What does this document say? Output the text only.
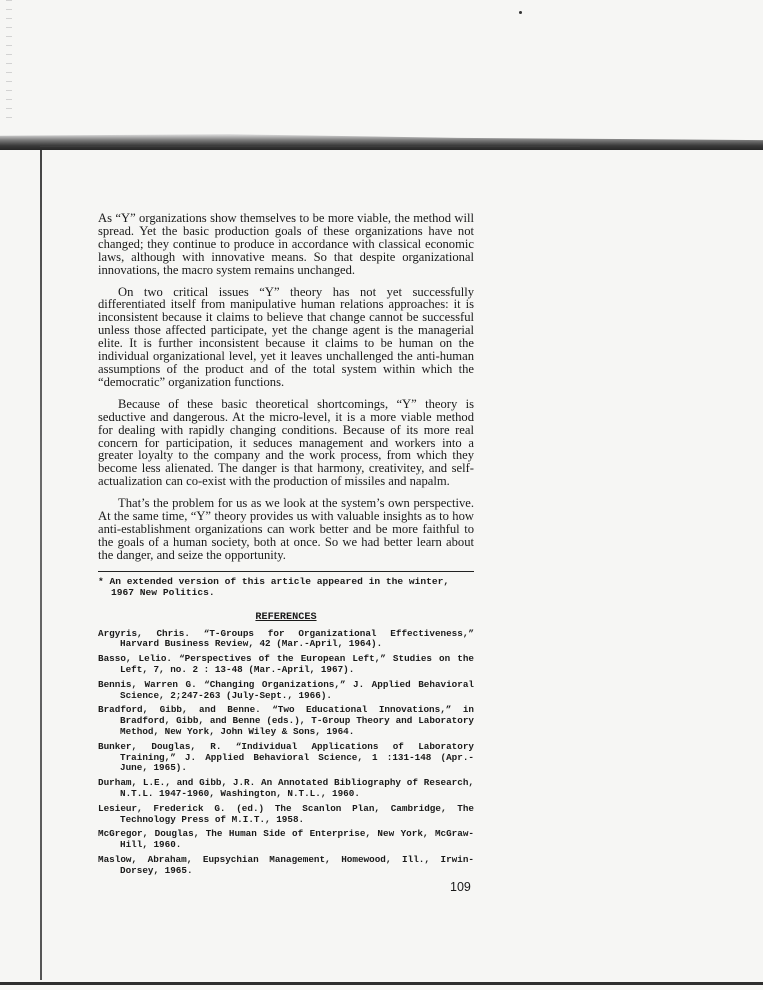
As “Y” organizations show themselves to be more viable, the method will spread. Yet the basic production goals of these organizations have not changed; they continue to produce in accordance with classical economic laws, although with innovative means. So that despite organizational innovations, the macro system remains unchanged.

On two critical issues “Y” theory has not yet successfully differentiated itself from manipulative human relations approaches: it is inconsistent because it claims to believe that change cannot be successful unless those affected participate, yet the change agent is the managerial elite. It is further inconsistent because it claims to be human on the individual organizational level, yet it leaves unchallenged the anti-human assumptions of the product and of the total system within which the “democratic” organization functions.

Because of these basic theoretical shortcomings, “Y” theory is seductive and dangerous. At the micro-level, it is a more viable method for dealing with rapidly changing conditions. Because of its more real concern for participation, it seduces management and workers into a greater loyalty to the company and the work process, from which they become less alienated. The danger is that harmony, creativitey, and self-actualization can co-exist with the production of missiles and napalm.

That’s the problem for us as we look at the system’s own perspective. At the same time, “Y” theory provides us with valuable insights as to how anti-establishment organizations can work better and be more faithful to the goals of a human society, both at once. So we had better learn about the danger, and seize the opportunity.

* An extended version of this article appeared in the winter, 1967 New Politics.

REFERENCES
Argyris, Chris. “T-Groups for Organizational Effectiveness,” Harvard Business Review, 42 (Mar.-April, 1964).
Basso, Lelio. “Perspectives of the European Left,” Studies on the Left, 7, no. 2 : 13-48 (Mar.-April, 1967).
Bennis, Warren G. “Changing Organizations,” J. Applied Behavioral Science, 2;247-263 (July-Sept., 1966).
Bradford, Gibb, and Benne. “Two Educational Innovations,” in Bradford, Gibb, and Benne (eds.), T-Group Theory and Laboratory Method, New York, John Wiley & Sons, 1964.
Bunker, Douglas, R. “Individual Applications of Laboratory Training,” J. Applied Behavioral Science, 1 :131-148 (Apr.-June, 1965).
Durham, L.E., and Gibb, J.R. An Annotated Bibliography of Research, N.T.L. 1947-1960, Washington, N.T.L., 1960.
Lesieur, Frederick G. (ed.) The Scanlon Plan, Cambridge, The Technology Press of M.I.T., 1958.
McGregor, Douglas, The Human Side of Enterprise, New York, McGraw-Hill, 1960.
Maslow, Abraham, Eupsychian Management, Homewood, Ill., Irwin-Dorsey, 1965.
109
